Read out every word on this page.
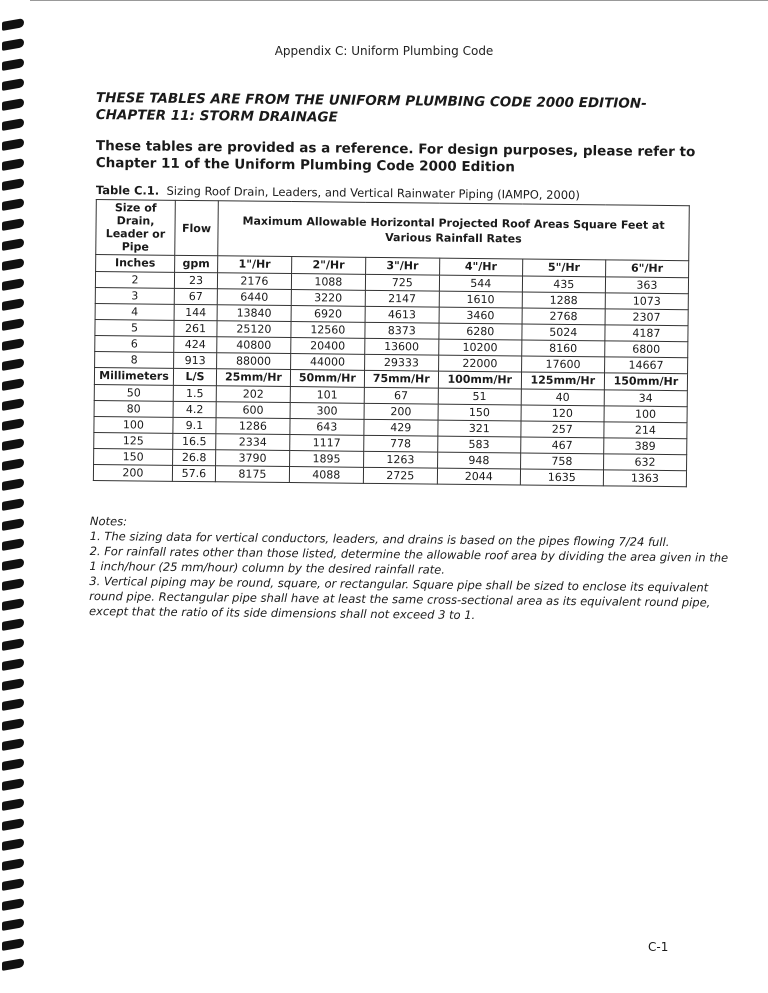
Appendix C: Uniform Plumbing Code
THESE TABLES ARE FROM THE UNIFORM PLUMBING CODE 2000 EDITION- CHAPTER 11: STORM DRAINAGE
These tables are provided as a reference. For design purposes, please refer to Chapter 11 of the Uniform Plumbing Code 2000 Edition
Table C.1. Sizing Roof Drain, Leaders, and Vertical Rainwater Piping (IAMPO, 2000)
Size of Drain, Leader or Pipe	Flow	Maximum Allowable Horizontal Projected Roof Areas Square Feet at Various Rainfall Rates					
Inches	gpm	1"/Hr	2"/Hr	3"/Hr	4"/Hr	5"/Hr	6"/Hr
2	23	2176	1088	725	544	435	363
3	67	6440	3220	2147	1610	1288	1073
4	144	13840	6920	4613	3460	2768	2307
5	261	25120	12560	8373	6280	5024	4187
6	424	40800	20400	13600	10200	8160	6800
8	913	88000	44000	29333	22000	17600	14667
Millimeters	L/S	25mm/Hr	50mm/Hr	75mm/Hr	100mm/Hr	125mm/Hr	150mm/Hr
50	1.5	202	101	67	51	40	34
80	4.2	600	300	200	150	120	100
100	9.1	1286	643	429	321	257	214
125	16.5	2334	1117	778	583	467	389
150	26.8	3790	1895	1263	948	758	632
200	57.6	8175	4088	2725	2044	1635	1363

Notes:

1. The sizing data for vertical conductors, leaders, and drains is based on the pipes flowing 7/24 full.

2. For rainfall rates other than those listed, determine the allowable roof area by dividing the area given in the 1 inch/hour (25 mm/hour) column by the desired rainfall rate.

3. Vertical piping may be round, square, or rectangular. Square pipe shall be sized to enclose its equivalent round pipe. Rectangular pipe shall have at least the same cross-sectional area as its equivalent round pipe, except that the ratio of its side dimensions shall not exceed 3 to 1.

C-1
